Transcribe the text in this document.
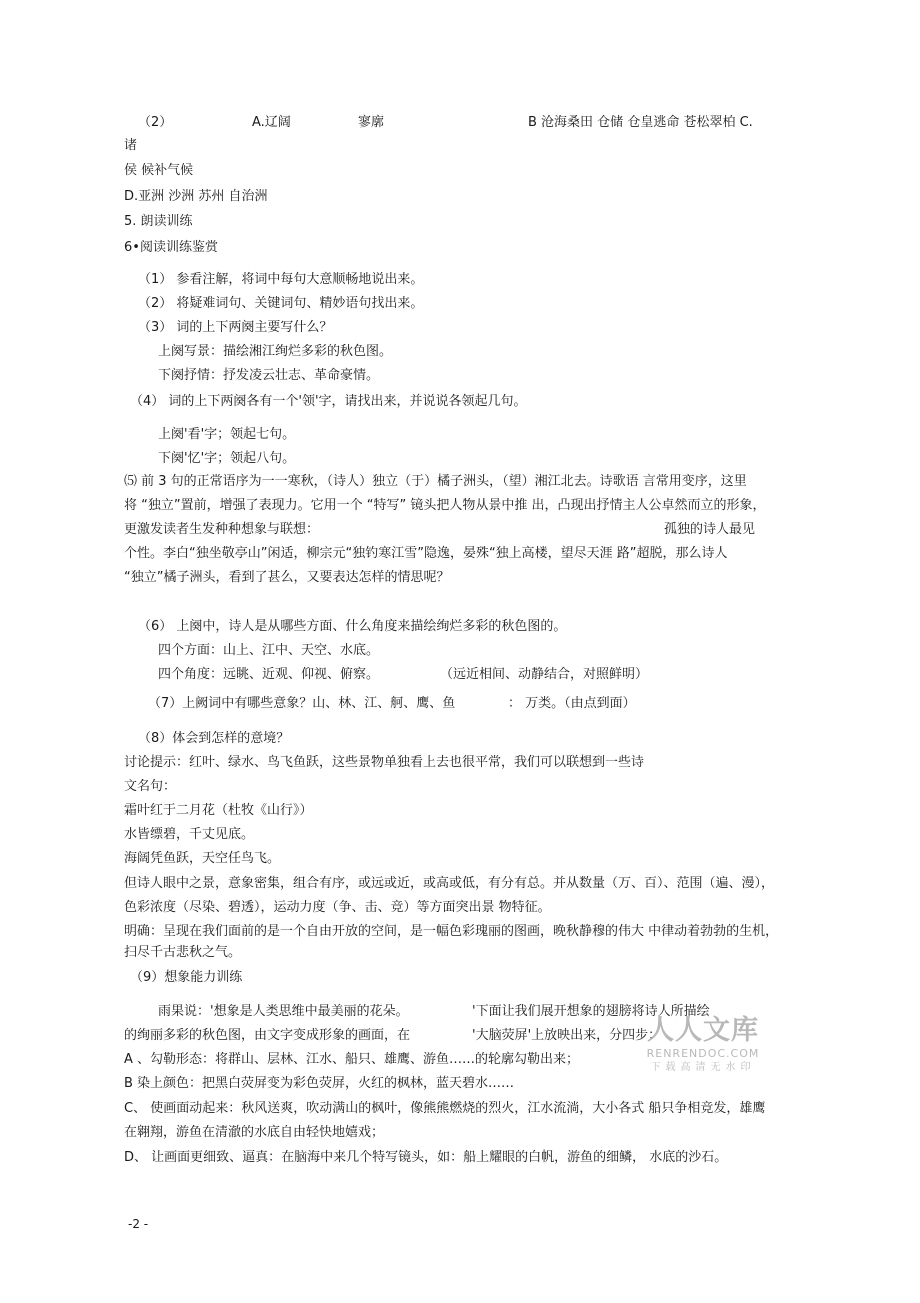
（2）	A.辽阔	寥廓	B 沧海桑田 仓储 仓皇逃命 苍松翠柏 C.
诸
侯 候补气候
D.亚洲 沙洲 苏州 自治洲
5. 朗读训练
6•阅读训练鉴赏
（1） 参看注解，将词中每句大意顺畅地说出来。
（2） 将疑难词句、关键词句、精妙语句找出来。
（3） 词的上下两阕主要写什么？
上阕写景：描绘湘江绚烂多彩的秋色图。
下阕抒情：抒发凌云壮志、革命豪情。
（4） 词的上下两阕各有一个'领'字，请找出来，并说说各领起几句。
上阕'看'字；领起七句。
下阕'忆'字；领起八句。
⑸ 前 3 句的正常语序为一一寒秋，（诗人）独立（于）橘子洲头，（望）湘江北去。诗歌语 言常用变序，这里
将 “独立”置前，增强了表现力。它用一个 “特写” 镜头把人物从景中推 出，凸现出抒情主人公卓然而立的形象，
更激发读者生发种种想象与联想：	孤独的诗人最见
个性。李白“独坐敬亭山”闲适，柳宗元“独钓寒江雪”隐逸，晏殊“独上高楼，望尽天涯 路”超脱，那么诗人
“独立”橘子洲头，看到了甚么，又要表达怎样的情思呢？
（6） 上阕中，诗人是从哪些方面、什么角度来描绘绚烂多彩的秋色图的。
四个方面：山上、江中、天空、水底。
四个角度：远眺、近观、仰视、俯察。	（远近相间、动静结合，对照鲜明）
（7）上阙词中有哪些意象？山、林、江、舸、鹰、鱼	： 万类。（由点到面）
（8）体会到怎样的意境？
讨论提示：红叶、绿水、鸟飞鱼跃，这些景物单独看上去也很平常，我们可以联想到一些诗
文名句：
霜叶红于二月花（杜牧《山行》）
水皆缥碧，千丈见底。
海阔凭鱼跃，天空任鸟飞。
但诗人眼中之景，意象密集，组合有序，或远或近，或高或低，有分有总。并从数量（万、百）、范围（遍、漫），
色彩浓度（尽染、碧透），运动力度（争、击、竞）等方面突出景 物特征。
明确：呈现在我们面前的是一个自由开放的空间，是一幅色彩瑰丽的图画，晚秋静穆的伟大 中律动着勃勃的生机，
扫尽千古悲秋之气。
（9）想象能力训练
雨果说：'想象是人类思维中最美丽的花朵。	'下面让我们展开想象的翅膀将诗人所描绘
的绚丽多彩的秋色图，由文字变成形象的画面，在	'大脑荧屏'上放映出来，分四步：
A 、勾勒形态：将群山、层林、江水、船只、雄鹰、游鱼……的轮廓勾勒出来；
B 染上颜色：把黑白荧屏变为彩色荧屏，火红的枫林，蓝天碧水……
C、 使画面动起来：秋风送爽，吹动满山的枫叶，像熊熊燃烧的烈火，江水流淌，大小各式 船只争相竞发，雄鹰
在翱翔，游鱼在清澈的水底自由轻快地嬉戏；
D、 让画面更细致、逼真：在脑海中来几个特写镜头，如：船上耀眼的白帆，游鱼的细鳞， 水底的沙石。
人人文库
RENRENDOC.COM
下载高清无水印
-2 -
